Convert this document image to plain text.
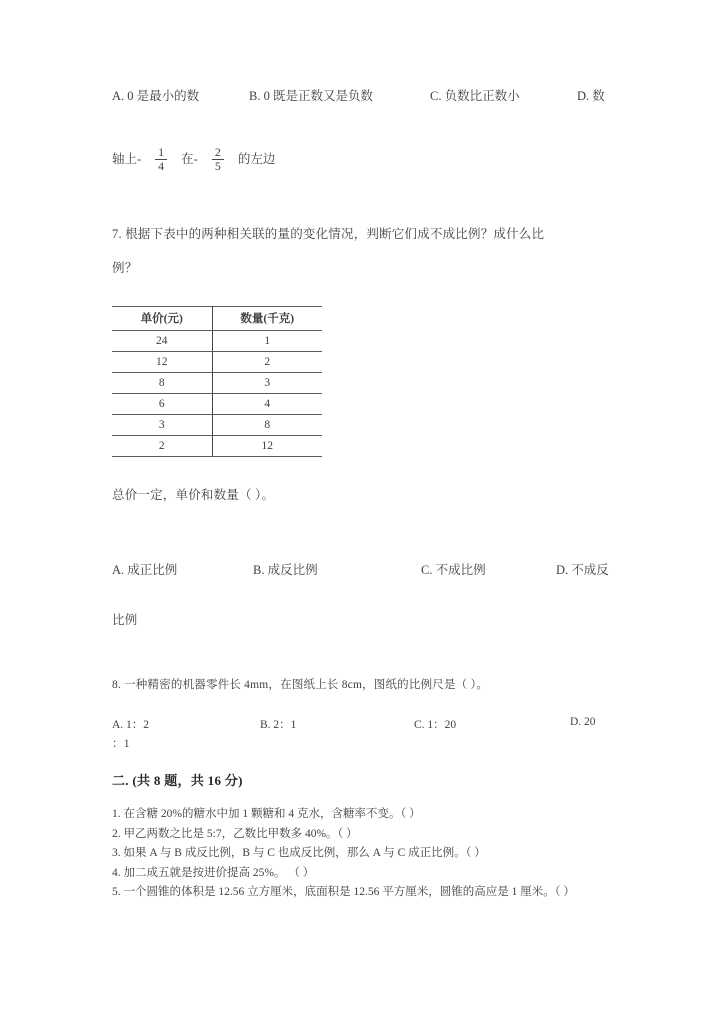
A. 0 是最小的数	B. 0 既是正数又是负数	C. 负数比正数小	D. 数
轴上- $\frac{1}{4}$ 在- $\frac{2}{5}$ 的左边
7. 根据下表中的两种相关联的量的变化情况，判断它们成不成比例？成什么比
例？
单价(元)	数量(千克)
24	1
12	2
8	3
6	4
3	8
2	12
总价一定，单价和数量（ ）。
A. 成正比例	B. 成反比例	C. 不成比例	D. 不成反
比例
8. 一种精密的机器零件长 4mm，在图纸上长 8cm，图纸的比例尺是（ ）。
A. 1：2	B. 2：1	C. 1：20	D. 20
：1
二. (共 8 题，共 16 分)
1. 在含糖 20%的糖水中加 1 颗糖和 4 克水，含糖率不变。（ ）
2. 甲乙两数之比是 5:7，乙数比甲数多 40%。（ ）
3. 如果 A 与 B 成反比例，B 与 C 也成反比例，那么 A 与 C 成正比例。（ ）
4. 加二成五就是按进价提高 25%。 （ ）
5. 一个圆锥的体积是 12.56 立方厘米，底面积是 12.56 平方厘米，圆锥的高应是 1 厘米。（ ）
